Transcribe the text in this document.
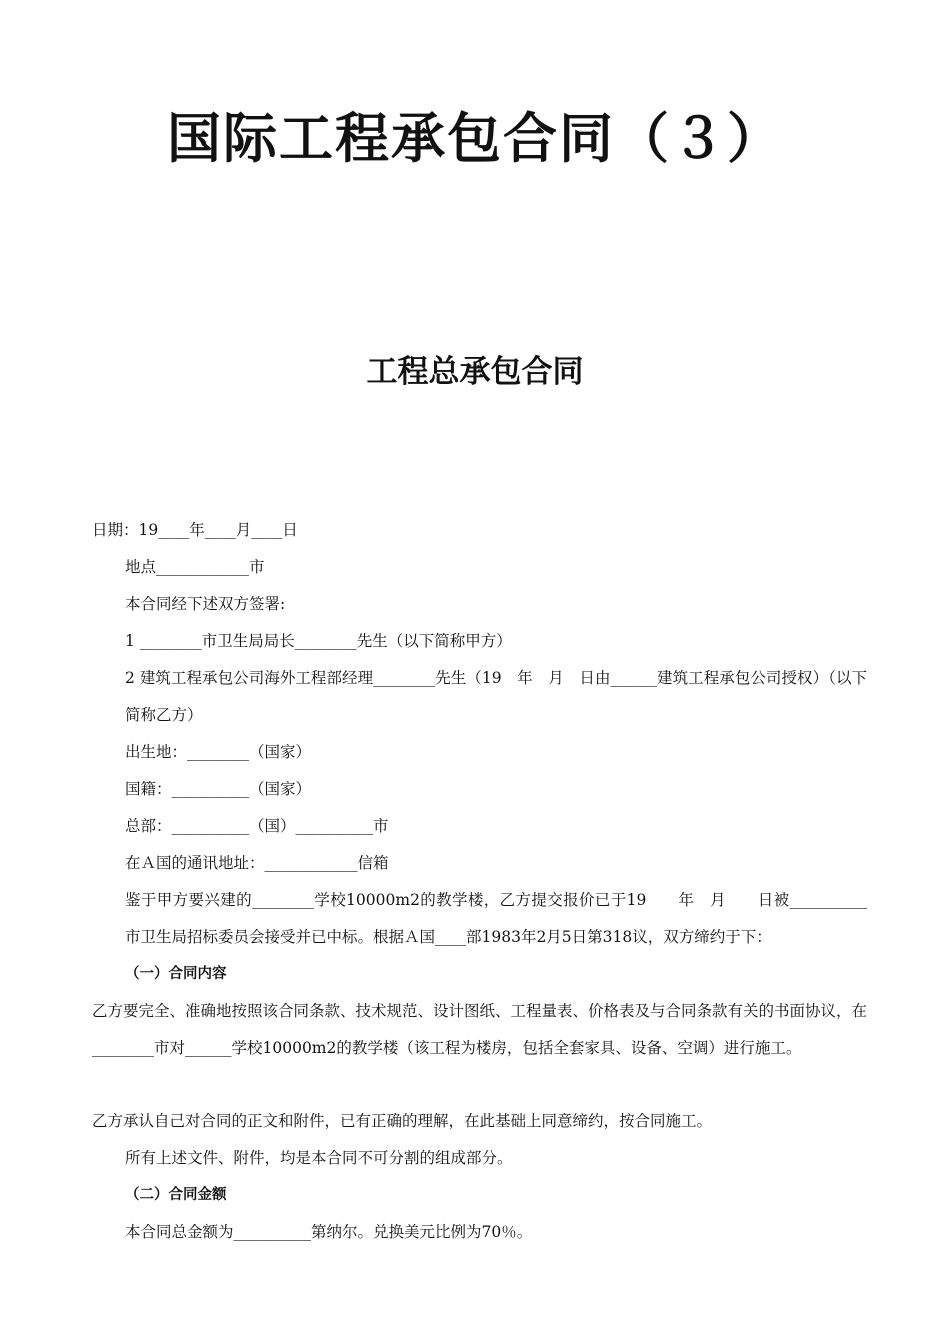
国际工程承包合同（３）
工程总承包合同

日期：19____年____月____日

地点____________市

本合同经下述双方签署:

1 ________市卫生局局长________先生（以下简称甲方）

2 建筑工程承包公司海外工程部经理________先生（19　年　月　日由______建筑工程承包公司授权）（以下简称乙方）

出生地：________（国家）

国籍：__________（国家）

总部：__________（国）__________市

在Ａ国的通讯地址：____________信箱

鉴于甲方要兴建的________学校10000m2的教学楼，乙方提交报价已于19　　年　月　　日被__________市卫生局招标委员会接受并已中标。根据Ａ国____部1983年2月5日第318议，双方缔约于下：

（一）合同内容

乙方要完全、准确地按照该合同条款、技术规范、设计图纸、工程量表、价格表及与合同条款有关的书面协议，在________市对______学校10000m2的教学楼（该工程为楼房，包括全套家具、设备、空调）进行施工。

乙方承认自己对合同的正文和附件，已有正确的理解，在此基础上同意缔约，按合同施工。

所有上述文件、附件，均是本合同不可分割的组成部分。

（二）合同金额

本合同总金额为__________第纳尔。兑换美元比例为70％。
